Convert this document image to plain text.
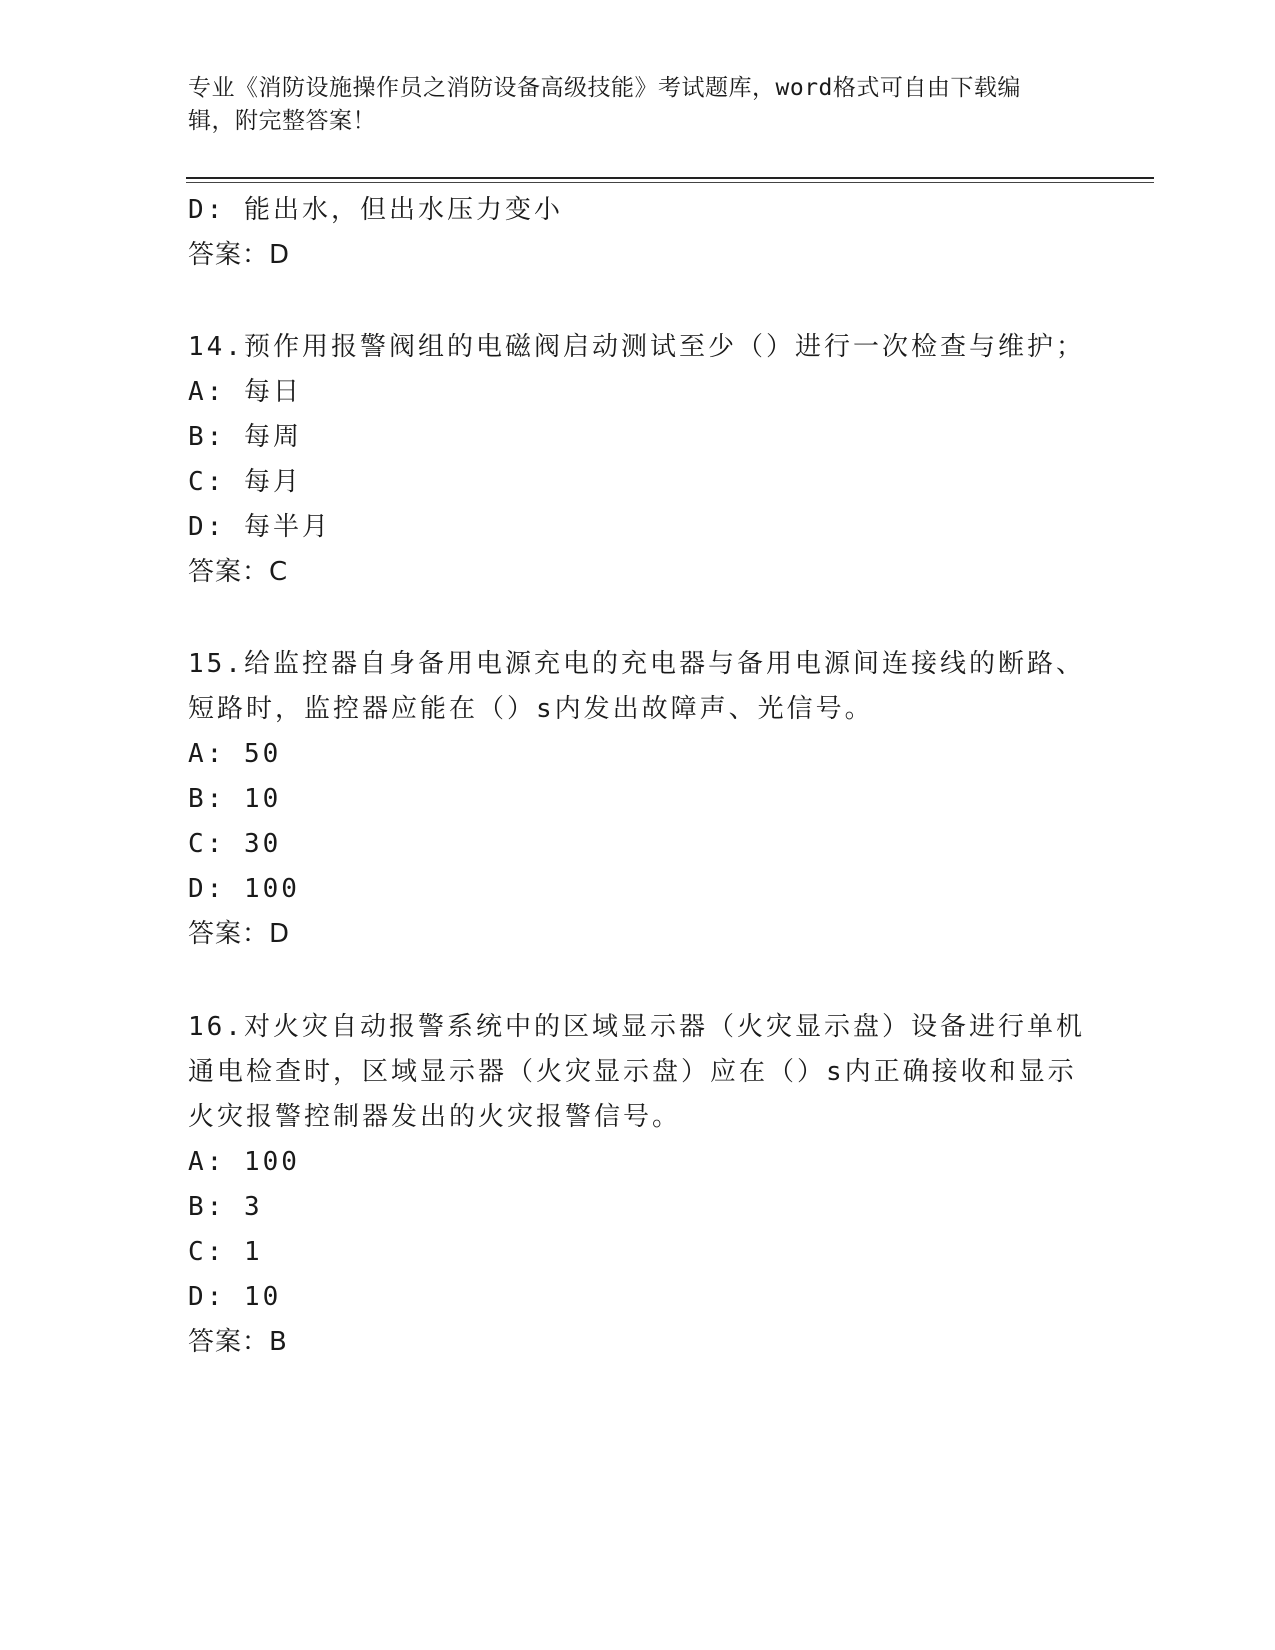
专业《消防设施操作员之消防设备高级技能》考试题库，word格式可自由下载编
辑，附完整答案！
D: 能出水，但出水压力变小
答案：D
14.预作用报警阀组的电磁阀启动测试至少（）进行一次检查与维护；
A: 每日
B: 每周
C: 每月
D: 每半月
答案：C
15.给监控器自身备用电源充电的充电器与备用电源间连接线的断路、
短路时，监控器应能在（）s内发出故障声、光信号。
A: 50
B: 10
C: 30
D: 100
答案：D
16.对火灾自动报警系统中的区域显示器（火灾显示盘）设备进行单机
通电检查时，区域显示器（火灾显示盘）应在（）s内正确接收和显示
火灾报警控制器发出的火灾报警信号。
A: 100
B: 3
C: 1
D: 10
答案：B
